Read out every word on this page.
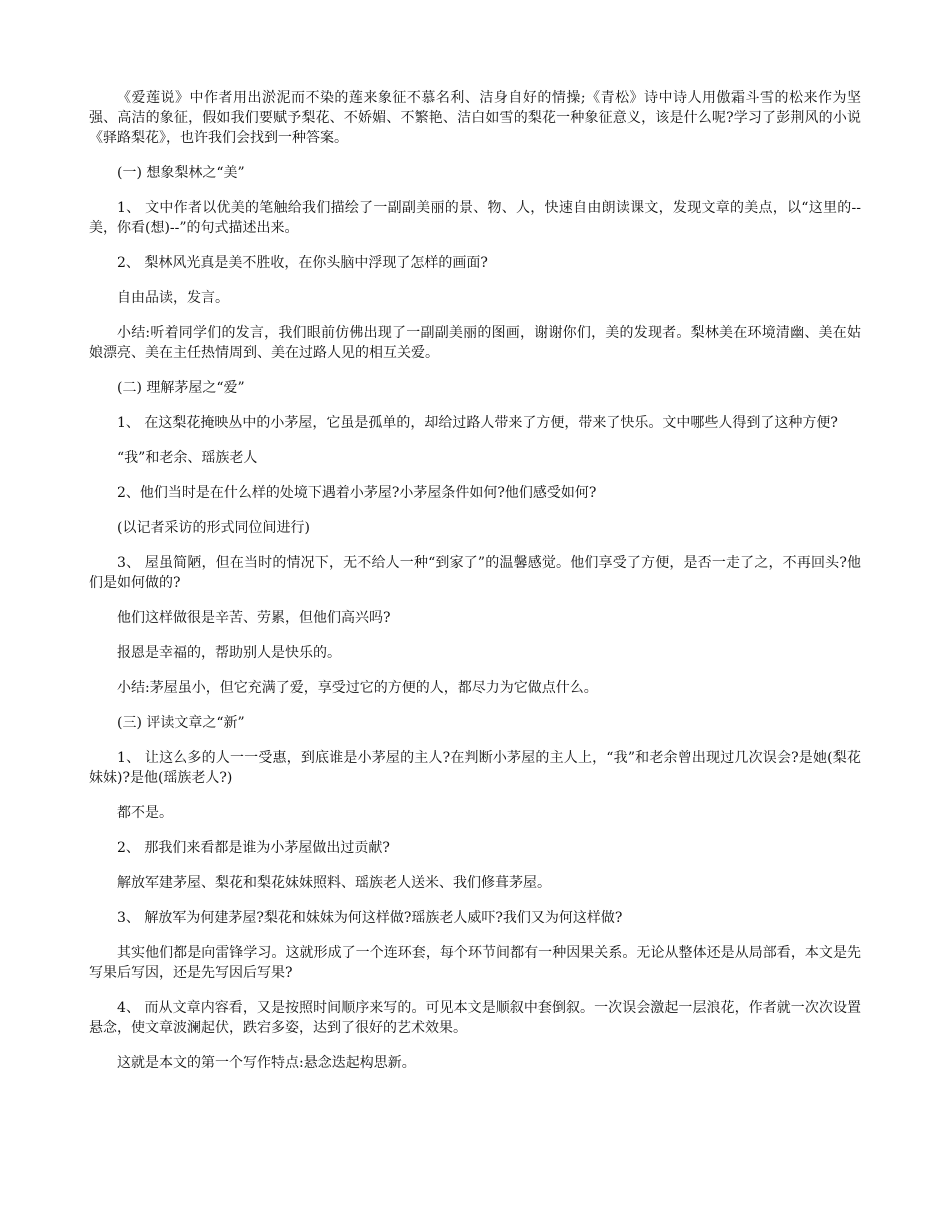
《爱莲说》中作者用出淤泥而不染的莲来象征不慕名利、洁身自好的情操;《青松》诗中诗人用傲霜斗雪的松来作为坚强、高洁的象征，假如我们要赋予梨花、不娇媚、不繁艳、洁白如雪的梨花一种象征意义，该是什么呢?学习了彭荆风的小说《驿路梨花》，也许我们会找到一种答案。

(一) 想象梨林之“美”

1、 文中作者以优美的笔触给我们描绘了一副副美丽的景、物、人，快速自由朗读课文，发现文章的美点，以“这里的--美，你看(想)--”的句式描述出来。

2、 梨林风光真是美不胜收，在你头脑中浮现了怎样的画面?

自由品读，发言。

小结:听着同学们的发言，我们眼前仿佛出现了一副副美丽的图画，谢谢你们，美的发现者。梨林美在环境清幽、美在姑娘漂亮、美在主任热情周到、美在过路人见的相互关爱。

(二) 理解茅屋之“爱”

1、 在这梨花掩映丛中的小茅屋，它虽是孤单的，却给过路人带来了方便，带来了快乐。文中哪些人得到了这种方便?

“我”和老余、瑶族老人

2、他们当时是在什么样的处境下遇着小茅屋?小茅屋条件如何?他们感受如何?

(以记者采访的形式同位间进行)

3、 屋虽简陋，但在当时的情况下，无不给人一种“到家了”的温馨感觉。他们享受了方便，是否一走了之，不再回头?他们是如何做的?

他们这样做很是辛苦、劳累，但他们高兴吗?

报恩是幸福的，帮助别人是快乐的。

小结:茅屋虽小，但它充满了爱，享受过它的方便的人，都尽力为它做点什么。

(三) 评读文章之“新”

1、 让这么多的人一一受惠，到底谁是小茅屋的主人?在判断小茅屋的主人上，“我”和老余曾出现过几次误会?是她(梨花妹妹)?是他(瑶族老人?)

都不是。

2、 那我们来看都是谁为小茅屋做出过贡献?

解放军建茅屋、梨花和梨花妹妹照料、瑶族老人送米、我们修葺茅屋。

3、 解放军为何建茅屋?梨花和妹妹为何这样做?瑶族老人威吓?我们又为何这样做?

其实他们都是向雷锋学习。这就形成了一个连环套，每个环节间都有一种因果关系。无论从整体还是从局部看，本文是先写果后写因，还是先写因后写果?

4、 而从文章内容看，又是按照时间顺序来写的。可见本文是顺叙中套倒叙。一次误会激起一层浪花，作者就一次次设置悬念，使文章波澜起伏，跌宕多姿，达到了很好的艺术效果。

这就是本文的第一个写作特点:悬念迭起构思新。
